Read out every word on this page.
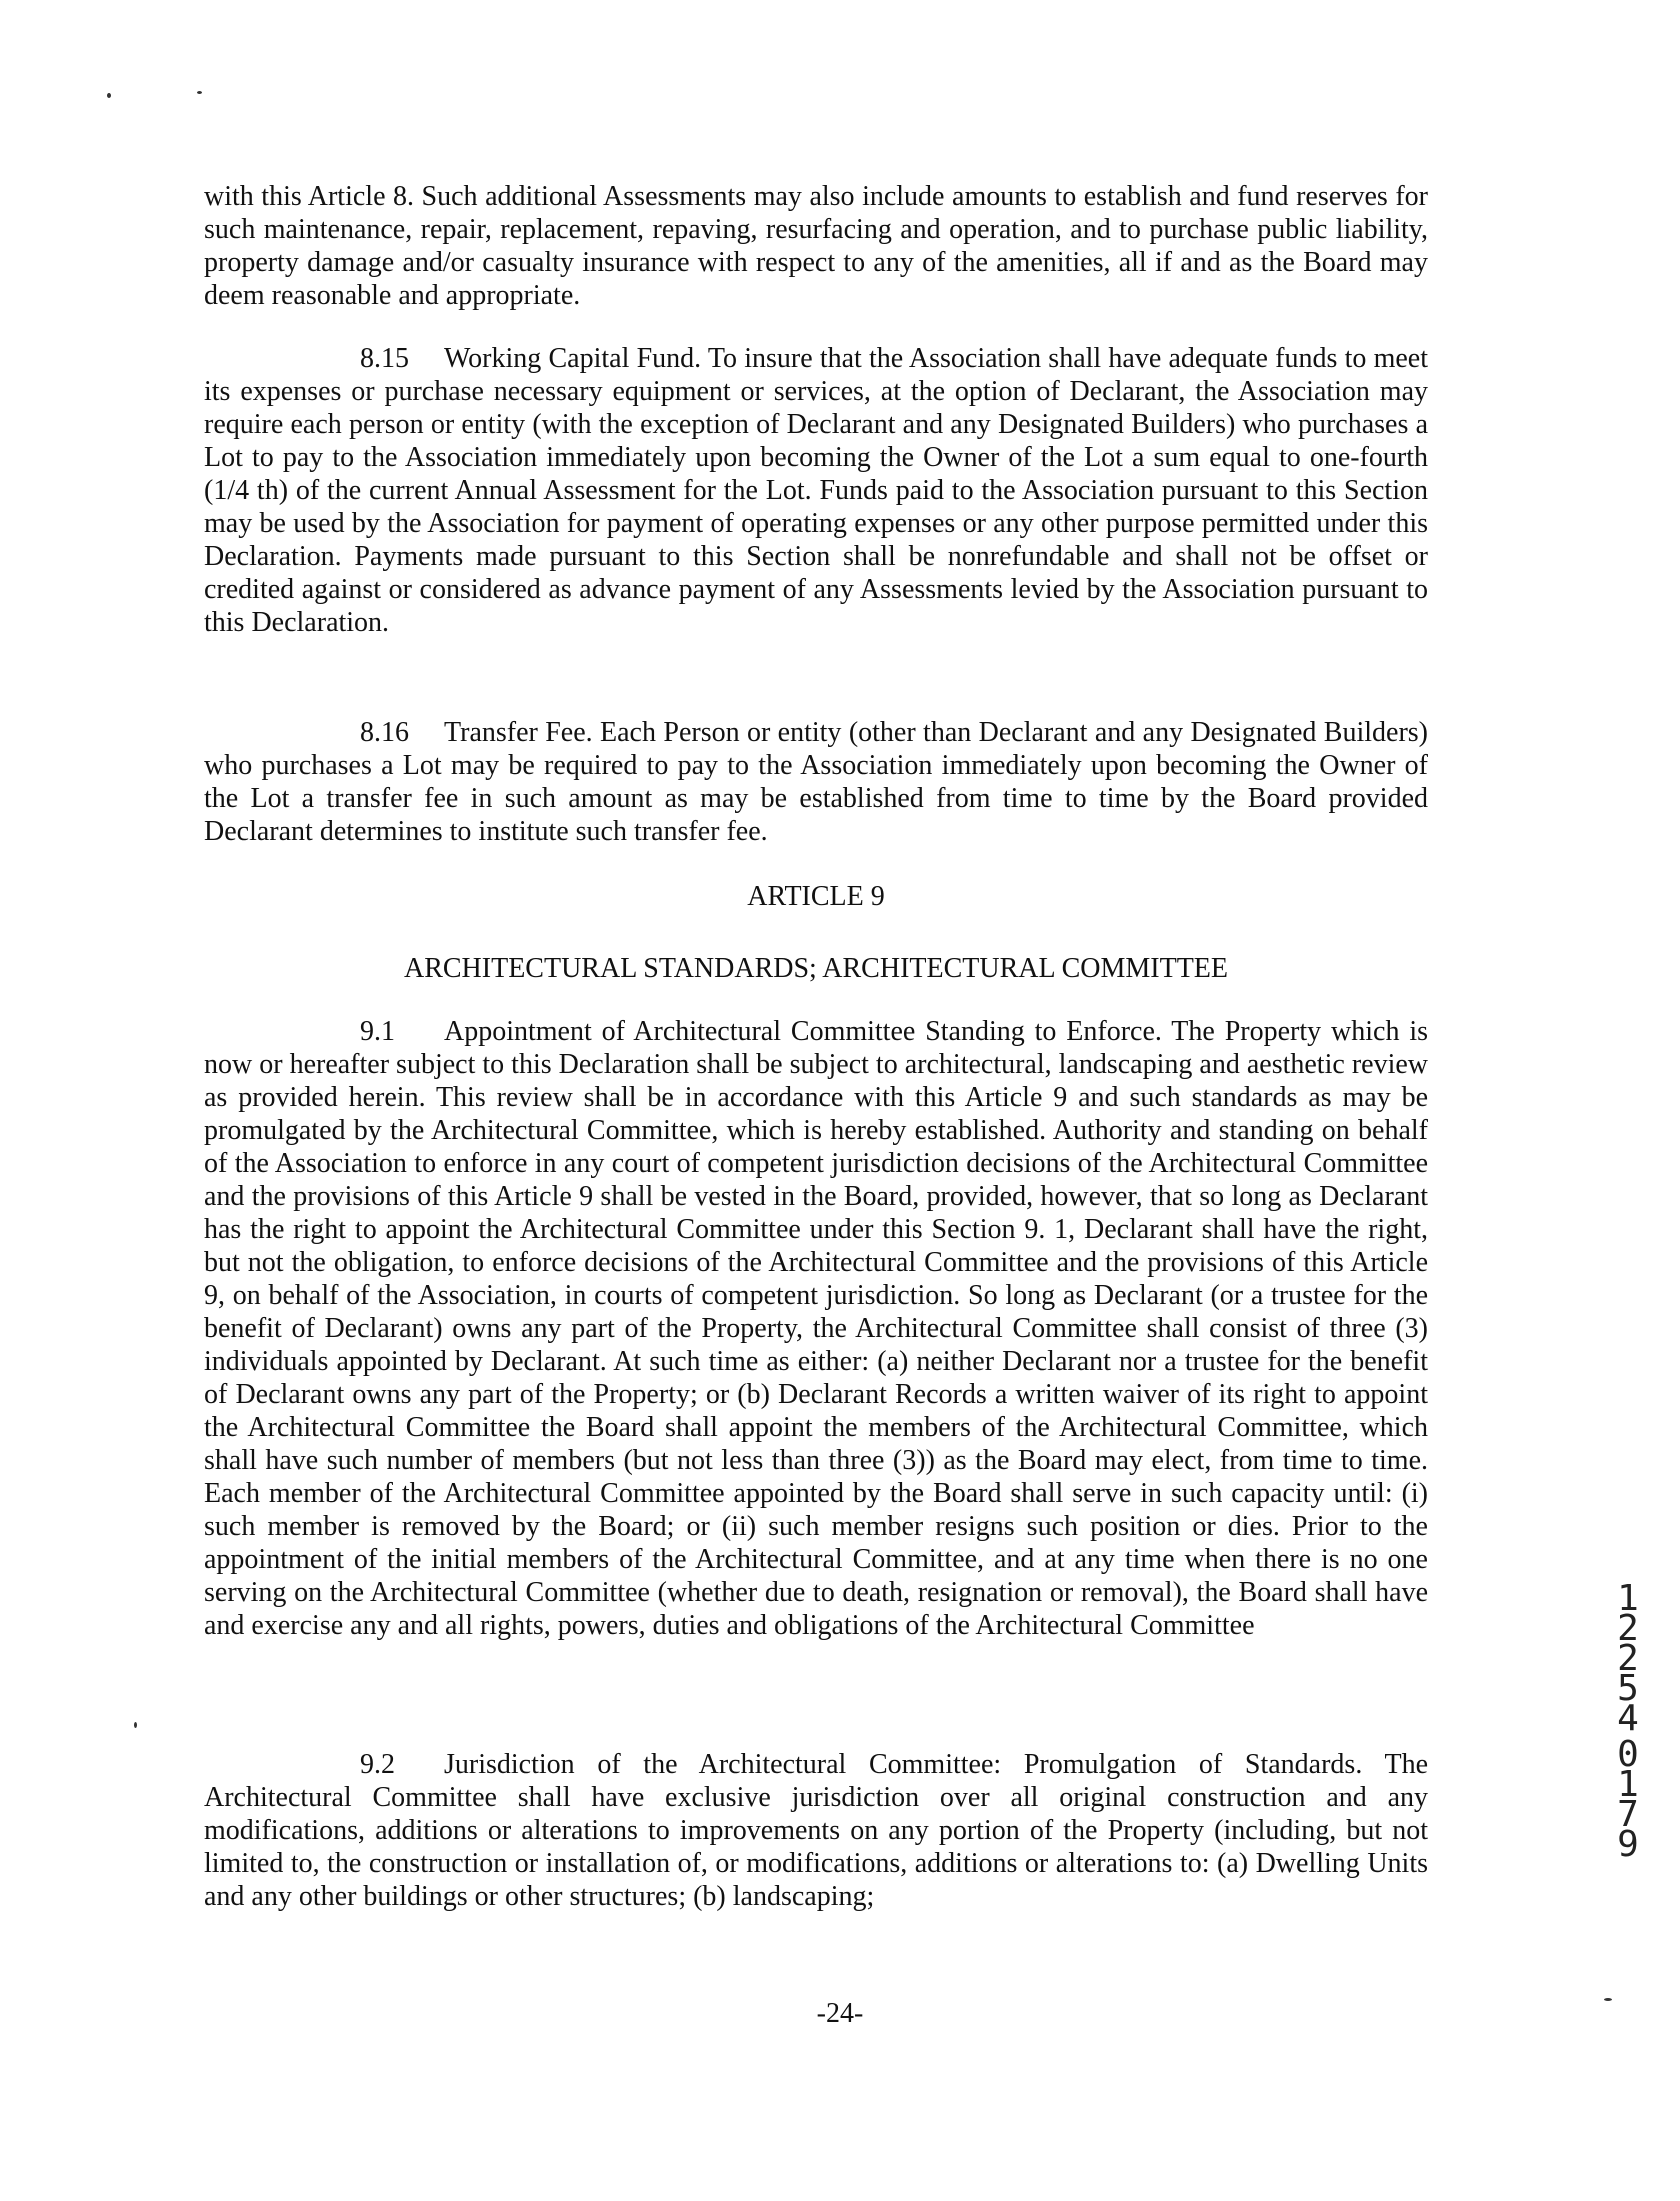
with this Article 8. Such additional Assessments may also include amounts to establish and fund reserves for such maintenance, repair, replacement, repaving, resurfacing and operation, and to purchase public liability, property damage and/or casualty insurance with respect to any of the amenities, all if and as the Board may deem reasonable and appropriate.

8.15 Working Capital Fund. To insure that the Association shall have adequate funds to meet its expenses or purchase necessary equipment or services, at the option of Declarant, the Association may require each person or entity (with the exception of Declarant and any Designated Builders) who purchases a Lot to pay to the Association immediately upon becoming the Owner of the Lot a sum equal to one-fourth (1/4 th) of the current Annual Assessment for the Lot. Funds paid to the Association pursuant to this Section may be used by the Association for payment of operating expenses or any other purpose permitted under this Declaration. Payments made pursuant to this Section shall be nonrefundable and shall not be offset or credited against or considered as advance payment of any Assessments levied by the Association pursuant to this Declaration.

8.16 Transfer Fee. Each Person or entity (other than Declarant and any Designated Builders) who purchases a Lot may be required to pay to the Association immediately upon becoming the Owner of the Lot a transfer fee in such amount as may be established from time to time by the Board provided Declarant determines to institute such transfer fee.

ARTICLE 9

ARCHITECTURAL STANDARDS; ARCHITECTURAL COMMITTEE

9.1 Appointment of Architectural Committee Standing to Enforce. The Property which is now or hereafter subject to this Declaration shall be subject to architectural, landscaping and aesthetic review as provided herein. This review shall be in accordance with this Article 9 and such standards as may be promulgated by the Architectural Committee, which is hereby established. Authority and standing on behalf of the Association to enforce in any court of competent jurisdiction decisions of the Architectural Committee and the provisions of this Article 9 shall be vested in the Board, provided, however, that so long as Declarant has the right to appoint the Architectural Committee under this Section 9. 1, Declarant shall have the right, but not the obligation, to enforce decisions of the Architectural Committee and the provisions of this Article 9, on behalf of the Association, in courts of competent jurisdiction. So long as Declarant (or a trustee for the benefit of Declarant) owns any part of the Property, the Architectural Committee shall consist of three (3) individuals appointed by Declarant. At such time as either: (a) neither Declarant nor a trustee for the benefit of Declarant owns any part of the Property; or (b) Declarant Records a written waiver of its right to appoint the Architectural Committee the Board shall appoint the members of the Architectural Committee, which shall have such number of members (but not less than three (3)) as the Board may elect, from time to time. Each member of the Architectural Committee appointed by the Board shall serve in such capacity until: (i) such member is removed by the Board; or (ii) such member resigns such position or dies. Prior to the appointment of the initial members of the Architectural Committee, and at any time when there is no one serving on the Architectural Committee (whether due to death, resignation or removal), the Board shall have and exercise any and all rights, powers, duties and obligations of the Architectural Committee

9.2 Jurisdiction of the Architectural Committee: Promulgation of Standards. The Architectural Committee shall have exclusive jurisdiction over all original construction and any modifications, additions or alterations to improvements on any portion of the Property (including, but not limited to, the construction or installation of, or modifications, additions or alterations to: (a) Dwelling Units and any other buildings or other structures; (b) landscaping;

-24-
1
2
2
5
4
0
1
7
9
